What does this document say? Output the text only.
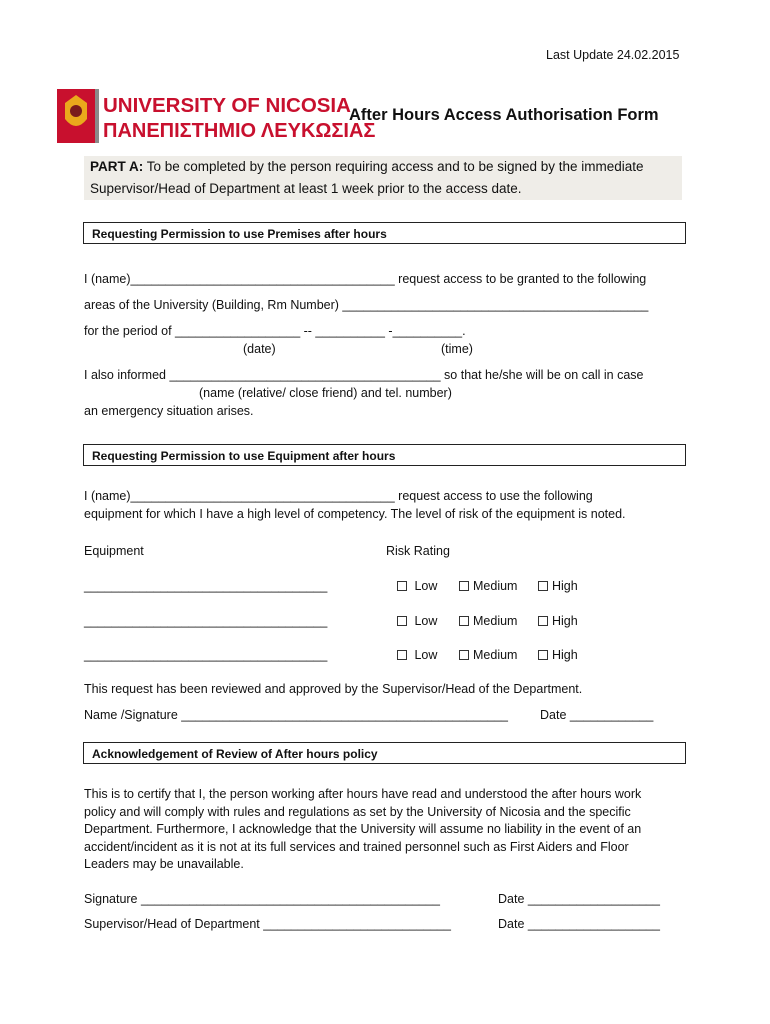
Last Update 24.02.2015
UNIVERSITY OF NICOSIA
ΠΑΝΕΠΙΣΤΗΜΙΟ ΛΕΥΚΩΣΙΑΣ
After Hours Access Authorisation Form
PART A: To be completed by the person requiring access and to be signed by the immediate
Supervisor/Head of Department at least 1 week prior to the access date.
Requesting Permission to use Premises after hours
I (name)______________________________________ request access to be granted to the following
areas of the University (Building, Rm Number) ____________________________________________
for the period of __________________ -- __________ -__________.
(date)	(time)
I also informed _______________________________________ so that he/she will be on call in case
(name (relative/ close friend) and tel. number)
an emergency situation arises.
Requesting Permission to use Equipment after hours
I (name)______________________________________ request access to use the following
equipment for which I have a high level of competency. The level of risk of the equipment is noted.
Equipment	Risk Rating
___________________________________	Low	Medium	High
___________________________________	Low	Medium	High
___________________________________	Low	Medium	High
This request has been reviewed and approved by the Supervisor/Head of the Department.
Name /Signature _______________________________________________	Date ____________
Acknowledgement of Review of After hours policy
This is to certify that I, the person working after hours have read and understood the after hours work
policy and will comply with rules and regulations as set by the University of Nicosia and the specific
Department. Furthermore, I acknowledge that the University will assume no liability in the event of an
accident/incident as it is not at its full services and trained personnel such as First Aiders and Floor
Leaders may be unavailable.
Signature ___________________________________________	Date ___________________
Supervisor/Head of Department ___________________________	Date ___________________
